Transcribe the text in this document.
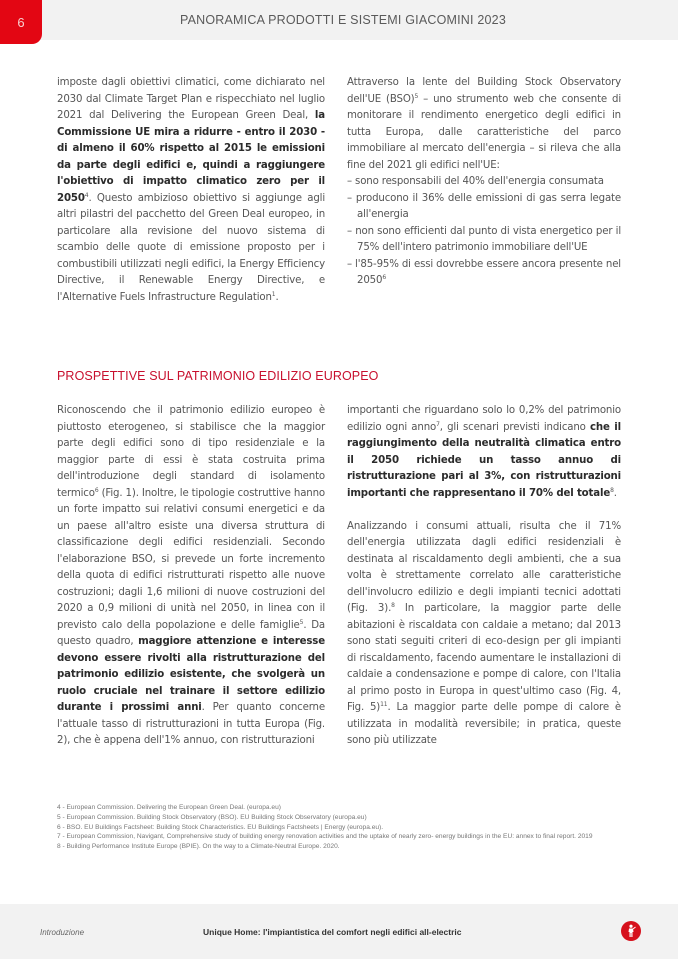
6	PANORAMICA PRODOTTI E SISTEMI GIACOMINI 2023

imposte dagli obiettivi climatici, come dichiarato nel 2030 dal Climate Target Plan e rispecchiato nel luglio 2021 dal Delivering the European Green Deal, la Commissione UE mira a ridurre - entro il 2030 - di almeno il 60% rispetto al 2015 le emissioni da parte degli edifici e, quindi a raggiungere l'obiettivo di impatto climatico zero per il 2050$^4$. Questo ambizioso obiettivo si aggiunge agli altri pilastri del pacchetto del Green Deal europeo, in particolare alla revisione del nuovo sistema di scambio delle quote di emissione proposto per i combustibili utilizzati negli edifici, la Energy Efficiency Directive, il Renewable Energy Directive, e l'Alternative Fuels Infrastructure Regulation$^1$.

Attraverso la lente del Building Stock Observatory dell'UE (BSO)$^5$ – uno strumento web che consente di monitorare il rendimento energetico degli edifici in tutta Europa, dalle caratteristiche del parco immobiliare al mercato dell'energia – si rileva che alla fine del 2021 gli edifici nell'UE:

– sono responsabili del 40% dell'energia consumata
– producono il 36% delle emissioni di gas serra legate all'energia
– non sono efficienti dal punto di vista energetico per il 75% dell'intero patrimonio immobiliare dell'UE
– l'85-95% di essi dovrebbe essere ancora presente nel 2050$^6$
PROSPETTIVE SUL PATRIMONIO EDILIZIO EUROPEO

Riconoscendo che il patrimonio edilizio europeo è piuttosto eterogeneo, si stabilisce che la maggior parte degli edifici sono di tipo residenziale e la maggior parte di essi è stata costruita prima dell'introduzione degli standard di isolamento termico$^6$ (Fig. 1). Inoltre, le tipologie costruttive hanno un forte impatto sui relativi consumi energetici e da un paese all'altro esiste una diversa struttura di classificazione degli edifici residenziali. Secondo l'elaborazione BSO, si prevede un forte incremento della quota di edifici ristrutturati rispetto alle nuove costruzioni; dagli 1,6 milioni di nuove costruzioni del 2020 a 0,9 milioni di unità nel 2050, in linea con il previsto calo della popolazione e delle famiglie$^5$. Da questo quadro, maggiore attenzione e interesse devono essere rivolti alla ristrutturazione del patrimonio edilizio esistente, che svolgerà un ruolo cruciale nel trainare il settore edilizio durante i prossimi anni. Per quanto concerne l'attuale tasso di ristrutturazioni in tutta Europa (Fig. 2), che è appena dell'1% annuo, con ristrutturazioni

importanti che riguardano solo lo 0,2% del patrimonio edilizio ogni anno$^7$, gli scenari previsti indicano che il raggiungimento della neutralità climatica entro il 2050 richiede un tasso annuo di ristrutturazione pari al 3%, con ristrutturazioni importanti che rappresentano il 70% del totale$^8$.

Analizzando i consumi attuali, risulta che il 71% dell'energia utilizzata dagli edifici residenziali è destinata al riscaldamento degli ambienti, che a sua volta è strettamente correlato alle caratteristiche dell'involucro edilizio e degli impianti tecnici adottati (Fig. 3).$^8$ In particolare, la maggior parte delle abitazioni è riscaldata con caldaie a metano; dal 2013 sono stati seguiti criteri di eco-design per gli impianti di riscaldamento, facendo aumentare le installazioni di caldaie a condensazione e pompe di calore, con l'Italia al primo posto in Europa in quest'ultimo caso (Fig. 4, Fig. 5)$^{11}$. La maggior parte delle pompe di calore è utilizzata in modalità reversibile; in pratica, queste sono più utilizzate

4 - European Commission. Delivering the European Green Deal. (europa.eu)
5 - European Commission. Building Stock Observatory (BSO). EU Building Stock Observatory (europa.eu)
6 - BSO. EU Buildings Factsheet: Building Stock Characteristics. EU Buildings Factsheets | Energy (europa.eu).
7 - European Commission, Navigant, Comprehensive study of building energy renovation activities and the uptake of nearly zero- energy buildings in the EU: annex to final report. 2019
8 - Building Performance Institute Europe (BPIE). On the way to a Climate-Neutral Europe. 2020.
Introduzione	Unique Home: l'impiantistica del comfort negli edifici all-electric
